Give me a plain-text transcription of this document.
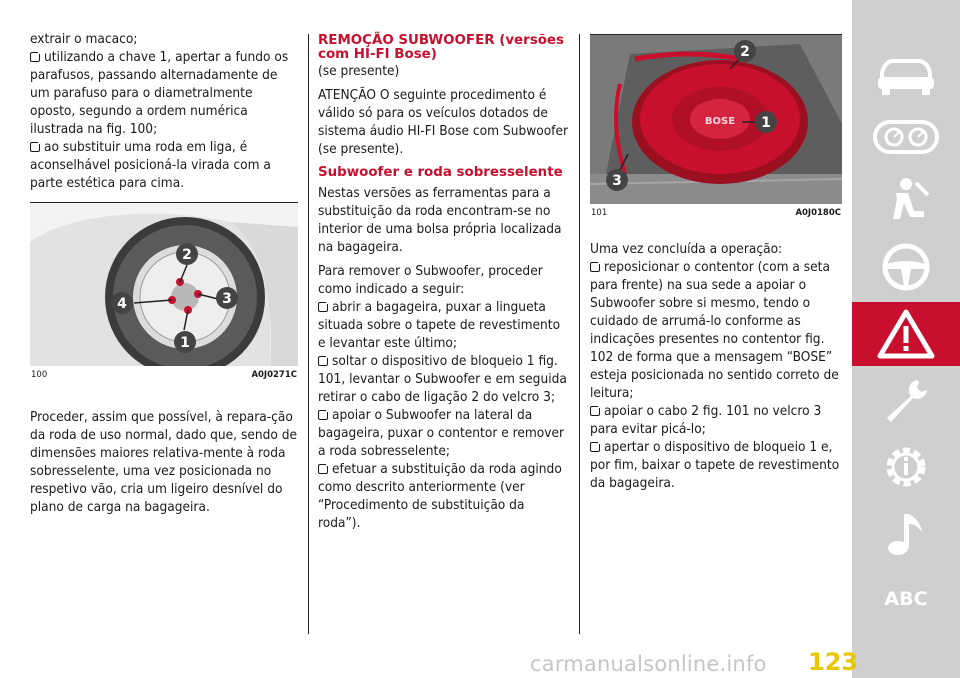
extrair o macaco;

utilizando a chave 1, apertar a fundo os parafusos, passando alternadamente de um parafuso para o diametralmente oposto, segundo a ordem numérica ilustrada na fig. 100;

ao substituir uma roda em liga, é aconselhável posicioná-la virada com a parte estética para cima.

2
3
1
4
100	A0J0271C

Proceder, assim que possível, à repara-ção da roda de uso normal, dado que, sendo de dimensões maiores relativa-mente à roda sobresselente, uma vez posicionada no respetivo vão, cria um ligeiro desnível do plano de carga na bagageira.

REMOÇÃO SUBWOOFER (versões com HI-FI Bose)

(se presente)

ATENÇÃO O seguinte procedimento é válido só para os veículos dotados de sistema áudio HI-FI Bose com Subwoofer (se presente).

Subwoofer e roda sobresselente

Nestas versões as ferramentas para a substituição da roda encontram-se no interior de uma bolsa própria localizada na bagageira.

Para remover o Subwoofer, proceder como indicado a seguir:

abrir a bagageira, puxar a lingueta situada sobre o tapete de revestimento e levantar este último;

soltar o dispositivo de bloqueio 1 fig. 101, levantar o Subwoofer e em seguida retirar o cabo de ligação 2 do velcro 3;

apoiar o Subwoofer na lateral da bagageira, puxar o contentor e remover a roda sobresselente;

efetuar a substituição da roda agindo como descrito anteriormente (ver “Procedimento de substituição da roda”).

BOSE 1
2
3
101	A0J0180C

Uma vez concluída a operação:

reposicionar o contentor (com a seta para frente) na sua sede a apoiar o Subwoofer sobre si mesmo, tendo o cuidado de arrumá-lo conforme as indicações presentes no contentor fig. 102 de forma que a mensagem “BOSE” esteja posicionada no sentido correto de leitura;

apoiar o cabo 2 fig. 101 no velcro 3 para evitar picá-lo;

apertar o dispositivo de bloqueio 1 e, por fim, baixar o tapete de revestimento da bagageira.

ABC
carmanualsonline.info 123
